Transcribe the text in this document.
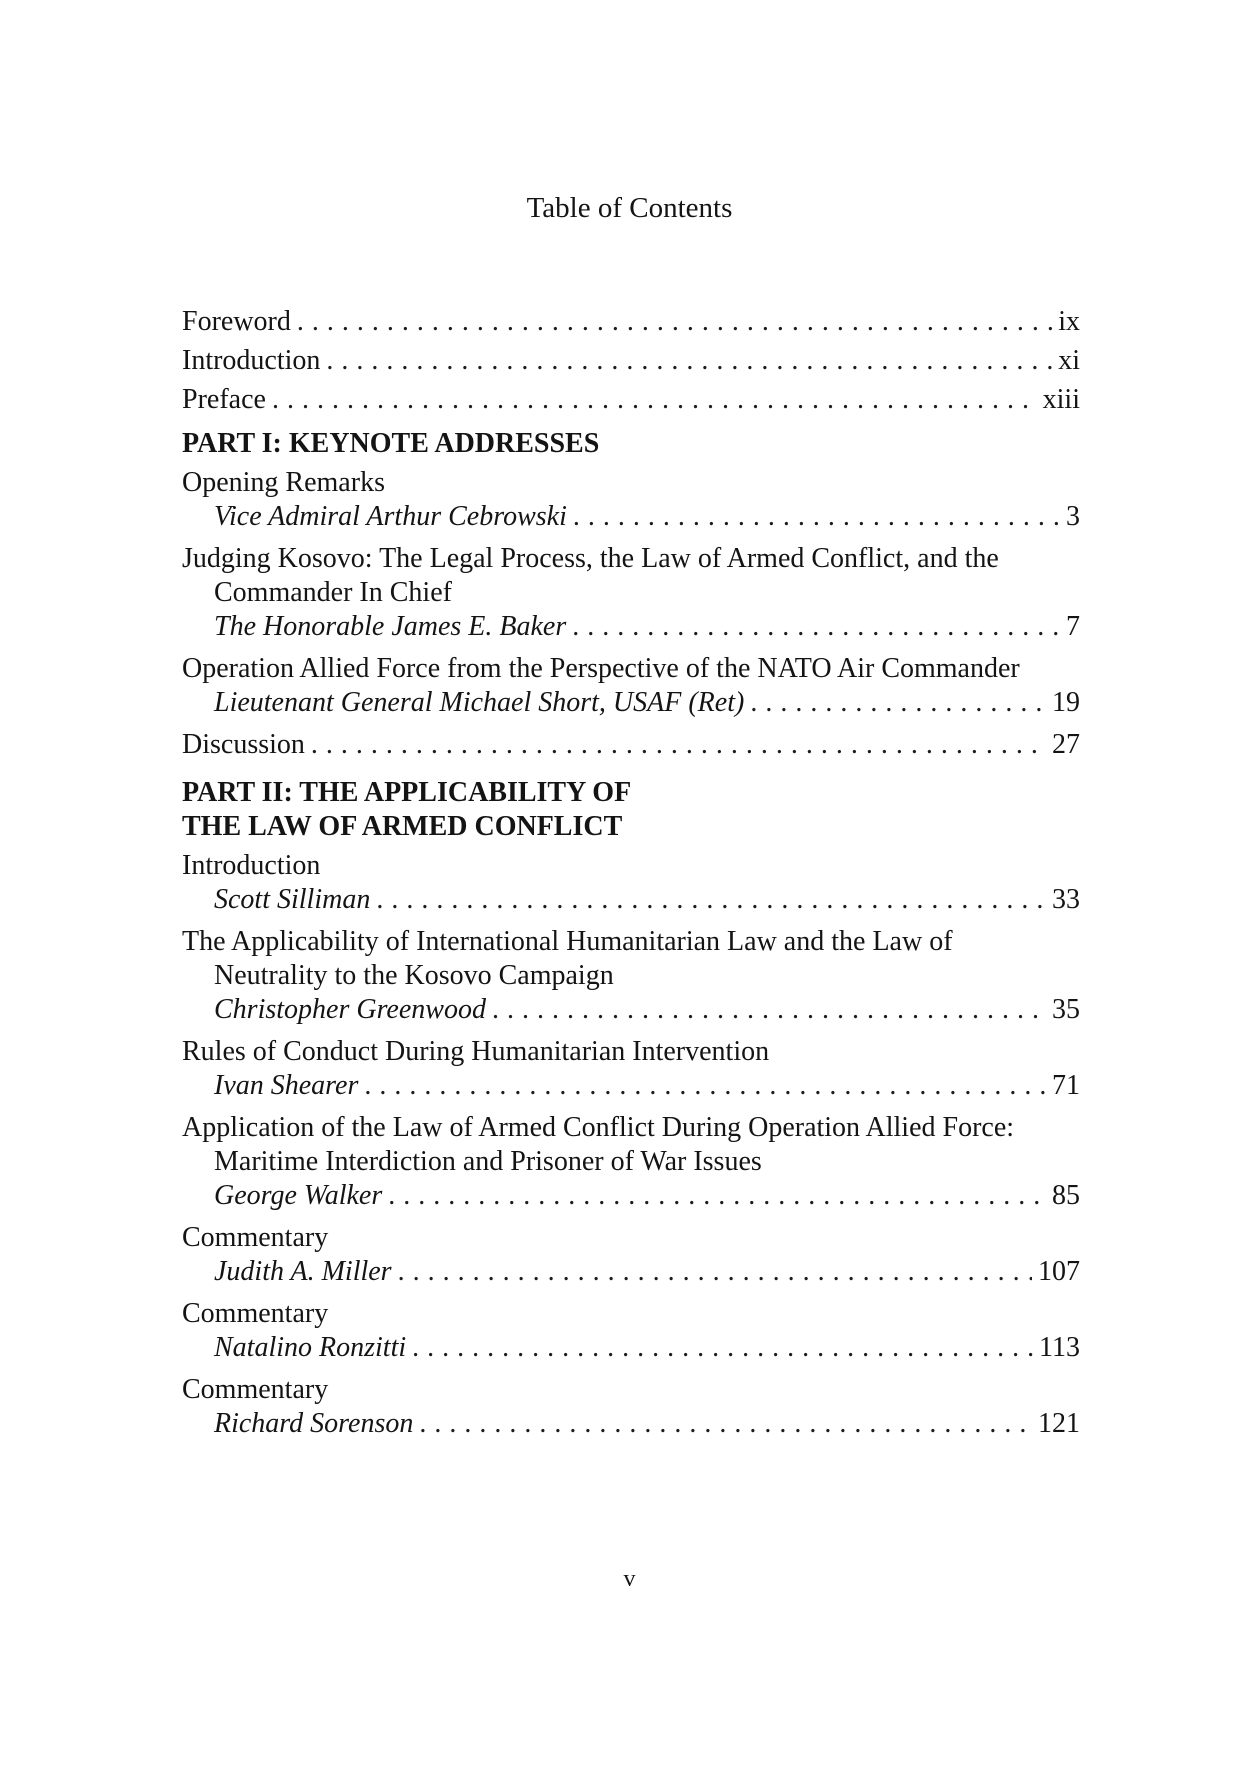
Table of Contents
Foreword . . .	ix
Introduction . . .	xi
Preface . . .	xiii
PART I: KEYNOTE ADDRESSES
Opening Remarks
Vice Admiral Arthur Cebrowski . . .	3
Judging Kosovo: The Legal Process, the Law of Armed Conflict, and the
Commander In Chief
The Honorable James E. Baker . . .	7
Operation Allied Force from the Perspective of the NATO Air Commander
Lieutenant General Michael Short, USAF (Ret) . . .	19
Discussion . . .	27
PART II: THE APPLICABILITY OF
THE LAW OF ARMED CONFLICT
Introduction
Scott Silliman . . .	33
The Applicability of International Humanitarian Law and the Law of
Neutrality to the Kosovo Campaign
Christopher Greenwood . . .	35
Rules of Conduct During Humanitarian Intervention
Ivan Shearer . . .	71
Application of the Law of Armed Conflict During Operation Allied Force:
Maritime Interdiction and Prisoner of War Issues
George Walker . . .	85
Commentary
Judith A. Miller . . .	107
Commentary
Natalino Ronzitti . . .	113
Commentary
Richard Sorenson . . .	121
v
